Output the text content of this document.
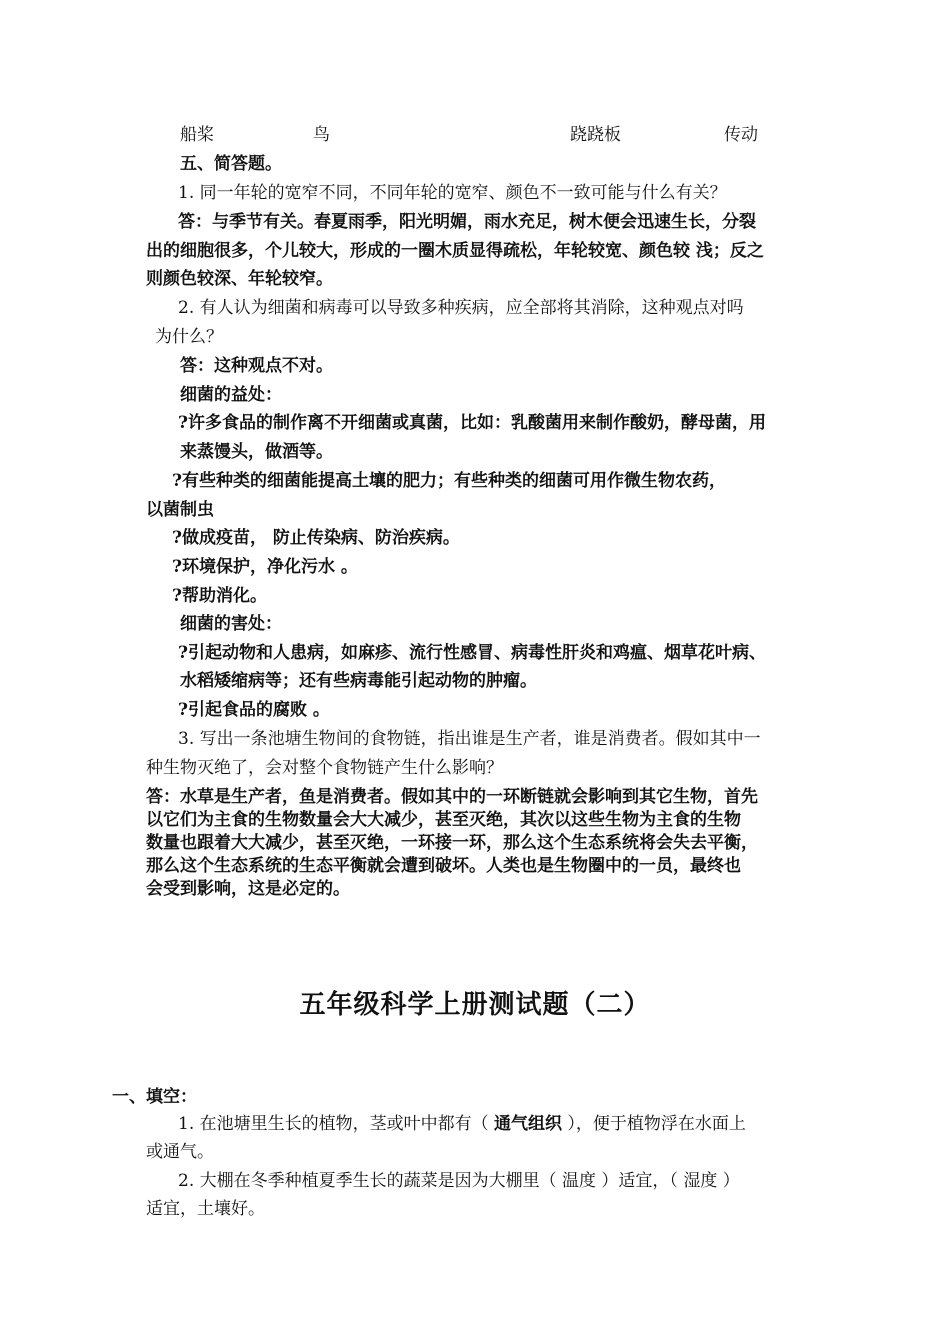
船桨	鸟	跷跷板	传动
五、简答题。
1. 同一年轮的宽窄不同，不同年轮的宽窄、颜色不一致可能与什么有关？
答：与季节有关。春夏雨季，阳光明媚，雨水充足，树木便会迅速生长，分裂
出的细胞很多，个儿较大，形成的一圈木质显得疏松，年轮较宽、颜色较 浅；反之
则颜色较深、年轮较窄。
2. 有人认为细菌和病毒可以导致多种疾病，应全部将其消除，这种观点对吗
为什么？
答：这种观点不对。
细菌的益处：
?许多食品的制作离不开细菌或真菌，比如：乳酸菌用来制作酸奶，酵母菌，用
来蒸馒头，做酒等。
?有些种类的细菌能提高土壤的肥力；有些种类的细菌可用作微生物农药，
以菌制虫
?做成疫苗， 防止传染病、防治疾病。
?环境保护，净化污水 。
?帮助消化。
细菌的害处：
?引起动物和人患病，如麻疹、流行性感冒、病毒性肝炎和鸡瘟、烟草花叶病、
水稻矮缩病等；还有些病毒能引起动物的肿瘤。
?引起食品的腐败 。
3. 写出一条池塘生物间的食物链，指出谁是生产者，谁是消费者。假如其中一
种生物灭绝了，会对整个食物链产生什么影响？
答：水草是生产者，鱼是消费者。假如其中的一环断链就会影响到其它生物，首先
以它们为主食的生物数量会大大减少，甚至灭绝，其次以这些生物为主食的生物
数量也跟着大大减少，甚至灭绝，一环接一环，那么这个生态系统将会失去平衡，
那么这个生态系统的生态平衡就会遭到破坏。人类也是生物圈中的一员，最终也
会受到影响，这是必定的。
五年级科学上册测试题（二）
一、填空：
1. 在池塘里生长的植物，茎或叶中都有（ 通气组织 ），便于植物浮在水面上
或通气。
2. 大棚在冬季种植夏季生长的蔬菜是因为大棚里（ 温度 ）适宜，（ 湿度 ）
适宜，土壤好。
